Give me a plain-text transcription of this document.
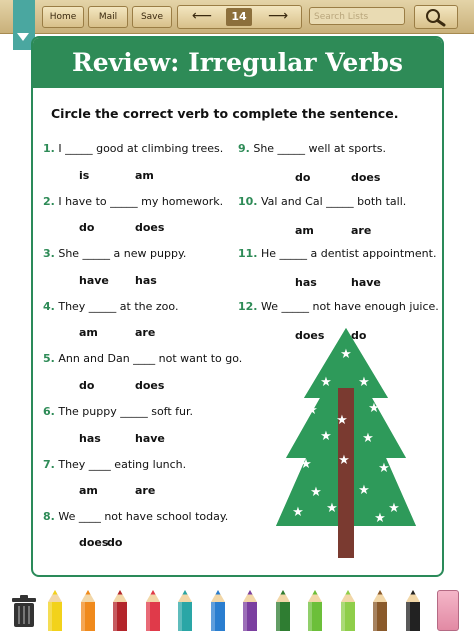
Home	Mail	Save	⟵	14	⟶	Search Lists
Review: Irregular Verbs
Circle the correct verb to complete the sentence.
1. I _____ good at climbing trees.
is	am
2. I have to _____ my homework.
do	does
3. She _____ a new puppy.
have has
4. They _____ at the zoo.
am	are
5. Ann and Dan ____ not want to go.
do	does
6. The puppy _____ soft fur.
has	have
7. They ____ eating lunch.
am	are
8. We ____ not have school today.
does
do
9. She _____ well at sports.
do	does
10. Val and Cal _____ both tall.
am	are
11. He _____ a dentist appointment.
has	have
12. We _____ not have enough juice.
does do
★
★ ★
★
★
★
★ ★
★ ★
★
★	★
★ ★	★
★
